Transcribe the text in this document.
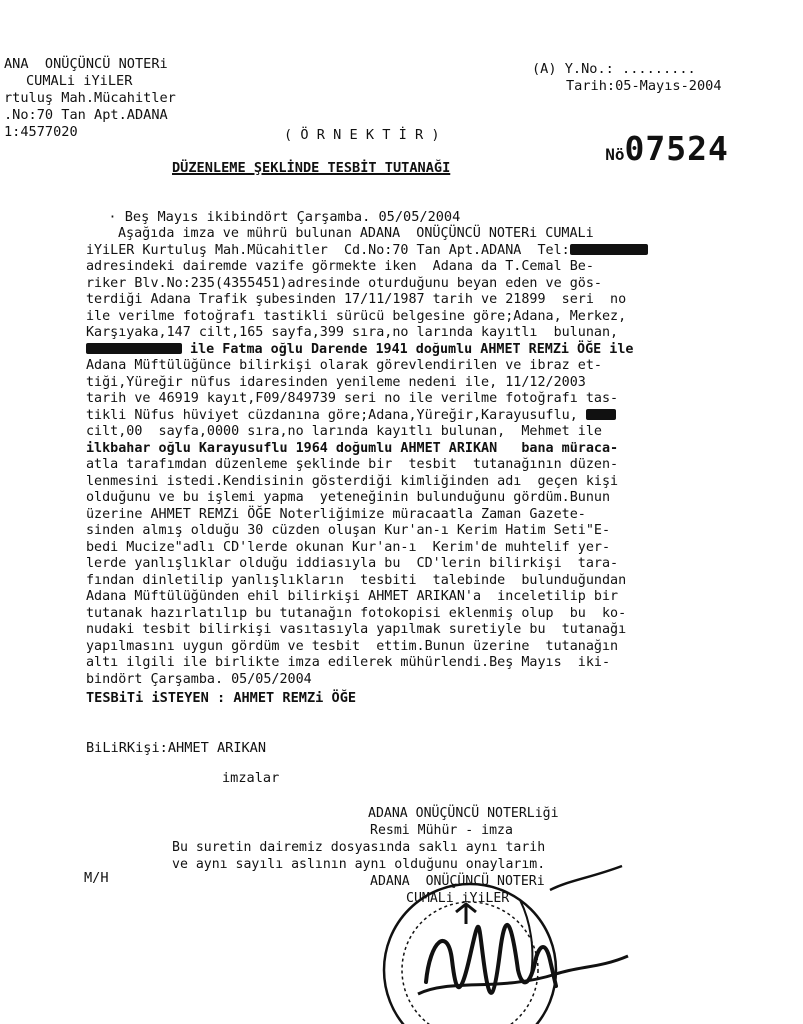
ANA  ONÜÇÜNCÜ NOTERi
CUMALi iYiLER
rtuluş Mah.Mücahitler
.No:70 Tan Apt.ADANA
1:4577020
(A) Y.No.: .........
Tarih:05-Mayıs-2004
( Ö R N E K T İ R )

Nö07524

DÜZENLEME ŞEKLİNDE TESBİT TUTANAĞI

· Beş Mayıs ikibindört Çarşamba. 05/05/2004

Aşağıda imza ve mührü bulunan ADANA  ONÜÇÜNCÜ NOTERi CUMALi
iYiLER Kurtuluş Mah.Mücahitler  Cd.No:70 Tan Apt.ADANA  Tel:
adresindeki dairemde vazife görmekte iken  Adana da T.Cemal Be-
riker Blv.No:235(4355451)adresinde oturduğunu beyan eden ve gös-
terdiği Adana Trafik şubesinden 17/11/1987 tarih ve 21899  seri  no
ile verilme fotoğrafı tastikli sürücü belgesine göre;Adana, Merkez,
Karşıyaka,147 cilt,165 sayfa,399 sıra,no larında kayıtlı  bulunan,
ile Fatma oğlu Darende 1941 doğumlu AHMET REMZi ÖĞE ile
Adana Müftülüğünce bilirkişi olarak görevlendirilen ve ibraz et-
tiği,Yüreğir nüfus idaresinden yenileme nedeni ile, 11/12/2003
tarih ve 46919 kayıt,F09/849739 seri no ile verilme fotoğrafı tas-
tikli Nüfus hüviyet cüzdanına göre;Adana,Yüreğir,Karayusuflu,
cilt,00  sayfa,0000 sıra,no larında kayıtlı bulunan,  Mehmet ile
ilkbahar oğlu Karayusuflu 1964 doğumlu AHMET ARIKAN   bana müraca-
atla tarafımdan düzenleme şeklinde bir  tesbit  tutanağının düzen-
lenmesini istedi.Kendisinin gösterdiği kimliğinden adı  geçen kişi
olduğunu ve bu işlemi yapma  yeteneğinin bulunduğunu gördüm.Bunun
üzerine AHMET REMZi ÖĞE Noterliğimize müracaatla Zaman Gazete-
sinden almış olduğu 30 cüzden oluşan Kur'an-ı Kerim Hatim Seti"E-
bedi Mucize"adlı CD'lerde okunan Kur'an-ı  Kerim'de muhtelif yer-
lerde yanlışlıklar olduğu iddiasıyla bu  CD'lerin bilirkişi  tara-
fından dinletilip yanlışlıkların  tesbiti  talebinde  bulunduğundan
Adana Müftülüğünden ehil bilirkişi AHMET ARIKAN'a  inceletilip bir
tutanak hazırlatılıp bu tutanağın fotokopisi eklenmiş olup  bu  ko-
nudaki tesbit bilirkişi vasıtasıyla yapılmak suretiyle bu  tutanağı
yapılmasını uygun gördüm ve tesbit  ettim.Bunun üzerine  tutanağın
altı ilgili ile birlikte imza edilerek mühürlendi.Beş Mayıs  iki-
bindört Çarşamba. 05/05/2004
TESBiTi iSTEYEN : AHMET REMZi ÖĞE
BiLiRKişi:AHMET ARIKAN
imzalar
ADANA ONÜÇÜNCÜ NOTERLiği
Resmi Mühür - imza
Bu suretin dairemiz dosyasında saklı aynı tarih
ve aynı sayılı aslının aynı olduğunu onaylarım.
ADANA  ONÜÇÜNCÜ NOTERi
CUMALi iYiLER
M/H
